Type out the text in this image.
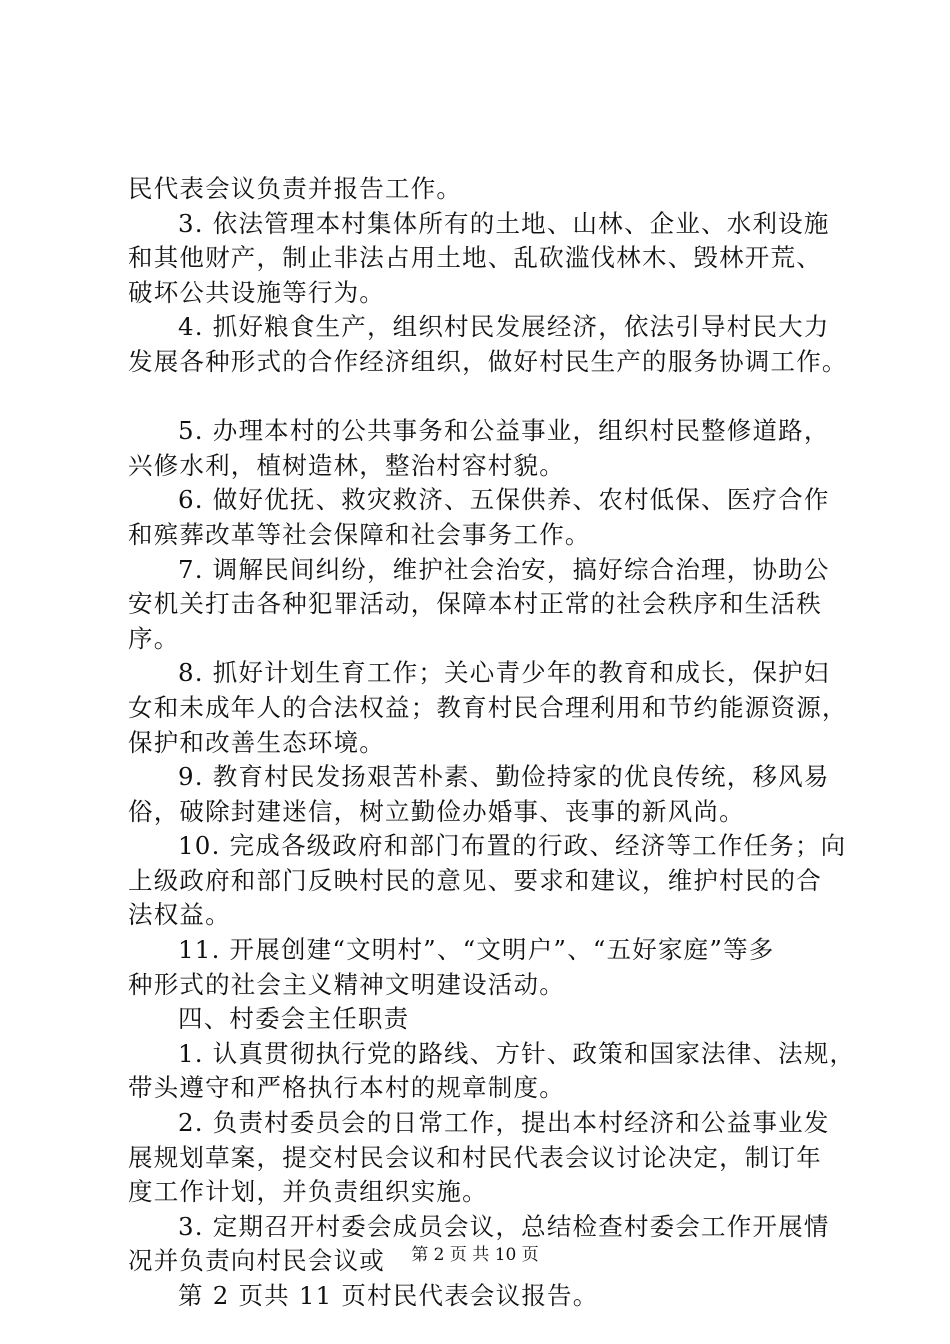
民代表会议负责并报告工作。
3. 依法管理本村集体所有的土地、山林、企业、水利设施
和其他财产，制止非法占用土地、乱砍滥伐林木、毁林开荒、
破坏公共设施等行为。
4. 抓好粮食生产，组织村民发展经济，依法引导村民大力
发展各种形式的合作经济组织，做好村民生产的服务协调工作。
5. 办理本村的公共事务和公益事业，组织村民整修道路，
兴修水利，植树造林，整治村容村貌。
6. 做好优抚、救灾救济、五保供养、农村低保、医疗合作
和殡葬改革等社会保障和社会事务工作。
7. 调解民间纠纷，维护社会治安，搞好综合治理，协助公
安机关打击各种犯罪活动，保障本村正常的社会秩序和生活秩
序。
8. 抓好计划生育工作；关心青少年的教育和成长，保护妇
女和未成年人的合法权益；教育村民合理利用和节约能源资源，
保护和改善生态环境。
9. 教育村民发扬艰苦朴素、勤俭持家的优良传统，移风易
俗，破除封建迷信，树立勤俭办婚事、丧事的新风尚。
10. 完成各级政府和部门布置的行政、经济等工作任务；向
上级政府和部门反映村民的意见、要求和建议，维护村民的合
法权益。
11. 开展创建“文明村”、“文明户”、“五好家庭”等多
种形式的社会主义精神文明建设活动。
四、村委会主任职责
1. 认真贯彻执行党的路线、方针、政策和国家法律、法规，
带头遵守和严格执行本村的规章制度。
2. 负责村委员会的日常工作，提出本村经济和公益事业发
展规划草案，提交村民会议和村民代表会议讨论决定，制订年
度工作计划，并负责组织实施。
3. 定期召开村委会成员会议，总结检查村委会工作开展情
况并负责向村民会议或
第 2 页共 11 页村民代表会议报告。
第 2 页 共 10 页
